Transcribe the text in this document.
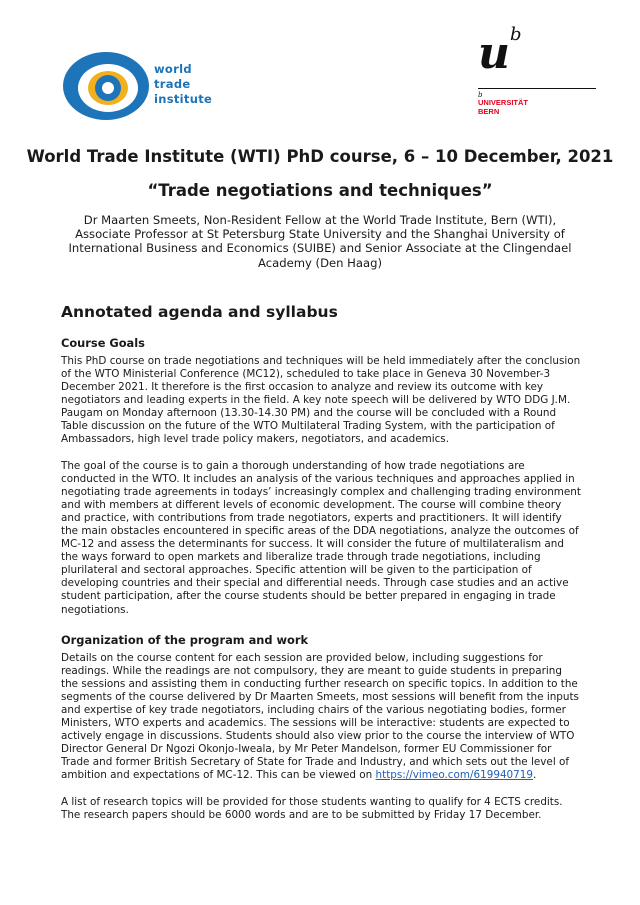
world
trade
institute
u b
b
UNIVERSITÄT
BERN
World Trade Institute (WTI) PhD course, 6 – 10 December, 2021
“Trade negotiations and techniques”

Dr Maarten Smeets, Non-Resident Fellow at the World Trade Institute, Bern (WTI), Associate Professor at St Petersburg State University and the Shanghai University of International Business and Economics (SUIBE) and Senior Associate at the Clingendael Academy (Den Haag)

Annotated agenda and syllabus
Course Goals

This PhD course on trade negotiations and techniques will be held immediately after the conclusion of the WTO Ministerial Conference (MC12), scheduled to take place in Geneva 30 November-3 December 2021. It therefore is the first occasion to analyze and review its outcome with key negotiators and leading experts in the field. A key note speech will be delivered by WTO DDG J.M. Paugam on Monday afternoon (13.30-14.30 PM) and the course will be concluded with a Round Table discussion on the future of the WTO Multilateral Trading System, with the participation of Ambassadors, high level trade policy makers, negotiators, and academics.

The goal of the course is to gain a thorough understanding of how trade negotiations are conducted in the WTO. It includes an analysis of the various techniques and approaches applied in negotiating trade agreements in todays’ increasingly complex and challenging trading environment and with members at different levels of economic development. The course will combine theory and practice, with contributions from trade negotiators, experts and practitioners. It will identify the main obstacles encountered in specific areas of the DDA negotiations, analyze the outcomes of MC-12 and assess the determinants for success. It will consider the future of multilateralism and the ways forward to open markets and liberalize trade through trade negotiations, including plurilateral and sectoral approaches. Specific attention will be given to the participation of developing countries and their special and differential needs. Through case studies and an active student participation, after the course students should be better prepared in engaging in trade negotiations.

Organization of the program and work

Details on the course content for each session are provided below, including suggestions for readings. While the readings are not compulsory, they are meant to guide students in preparing the sessions and assisting them in conducting further research on specific topics. In addition to the segments of the course delivered by Dr Maarten Smeets, most sessions will benefit from the inputs and expertise of key trade negotiators, including chairs of the various negotiating bodies, former Ministers, WTO experts and academics. The sessions will be interactive: students are expected to actively engage in discussions. Students should also view prior to the course the interview of WTO Director General Dr Ngozi Okonjo-Iweala, by Mr Peter Mandelson, former EU Commissioner for Trade and former British Secretary of State for Trade and Industry, and which sets out the level of ambition and expectations of MC-12. This can be viewed on https://vimeo.com/619940719.

A list of research topics will be provided for those students wanting to qualify for 4 ECTS credits. The research papers should be 6000 words and are to be submitted by Friday 17 December.
